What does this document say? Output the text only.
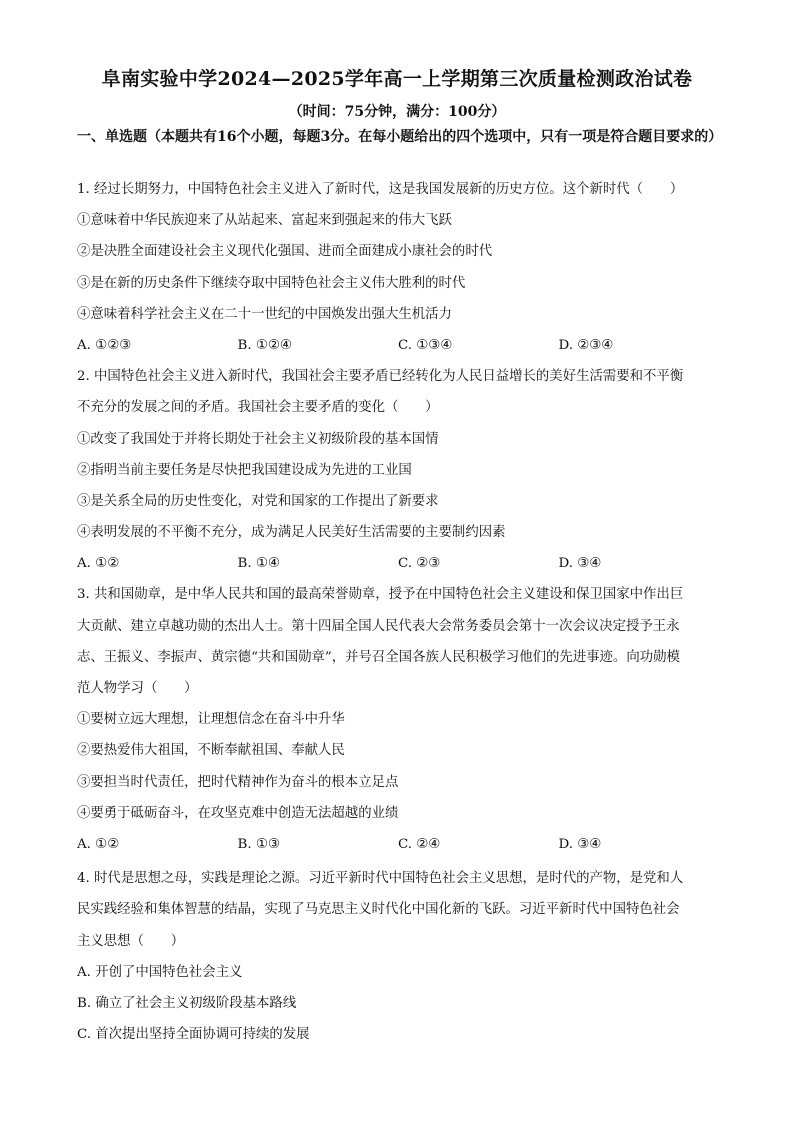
阜南实验中学2024—2025学年高一上学期第三次质量检测政治试卷
（时间：75分钟，满分：100分）
一、单选题（本题共有16个小题，每题3分。在每小题给出的四个选项中，只有一项是符合题目要求的）
1. 经过长期努力，中国特色社会主义进入了新时代，这是我国发展新的历史方位。这个新时代（　　）
①意味着中华民族迎来了从站起来、富起来到强起来的伟大飞跃
②是决胜全面建设社会主义现代化强国、进而全面建成小康社会的时代
③是在新的历史条件下继续夺取中国特色社会主义伟大胜利的时代
④意味着科学社会主义在二十一世纪的中国焕发出强大生机活力
A. ①②③	B. ①②④	C. ①③④	D. ②③④
2. 中国特色社会主义进入新时代，我国社会主要矛盾已经转化为人民日益增长的美好生活需要和不平衡
不充分的发展之间的矛盾。我国社会主要矛盾的变化（　　）
①改变了我国处于并将长期处于社会主义初级阶段的基本国情
②指明当前主要任务是尽快把我国建设成为先进的工业国
③是关系全局的历史性变化，对党和国家的工作提出了新要求
④表明发展的不平衡不充分，成为满足人民美好生活需要的主要制约因素
A. ①②	B. ①④	C. ②③	D. ③④
3. 共和国勋章，是中华人民共和国的最高荣誉勋章，授予在中国特色社会主义建设和保卫国家中作出巨
大贡献、建立卓越功勋的杰出人士。第十四届全国人民代表大会常务委员会第十一次会议决定授予王永
志、王振义、李振声、黄宗德“共和国勋章”，并号召全国各族人民积极学习他们的先进事迹。向功勋模
范人物学习（　　）
①要树立远大理想，让理想信念在奋斗中升华
②要热爱伟大祖国，不断奉献祖国、奉献人民
③要担当时代责任，把时代精神作为奋斗的根本立足点
④要勇于砥砺奋斗，在攻坚克难中创造无法超越的业绩
A. ①②	B. ①③	C. ②④	D. ③④
4. 时代是思想之母，实践是理论之源。习近平新时代中国特色社会主义思想，是时代的产物，是党和人
民实践经验和集体智慧的结晶，实现了马克思主义时代化中国化新的飞跃。习近平新时代中国特色社会
主义思想（　　）
A. 开创了中国特色社会主义
B. 确立了社会主义初级阶段基本路线
C. 首次提出坚持全面协调可持续的发展
